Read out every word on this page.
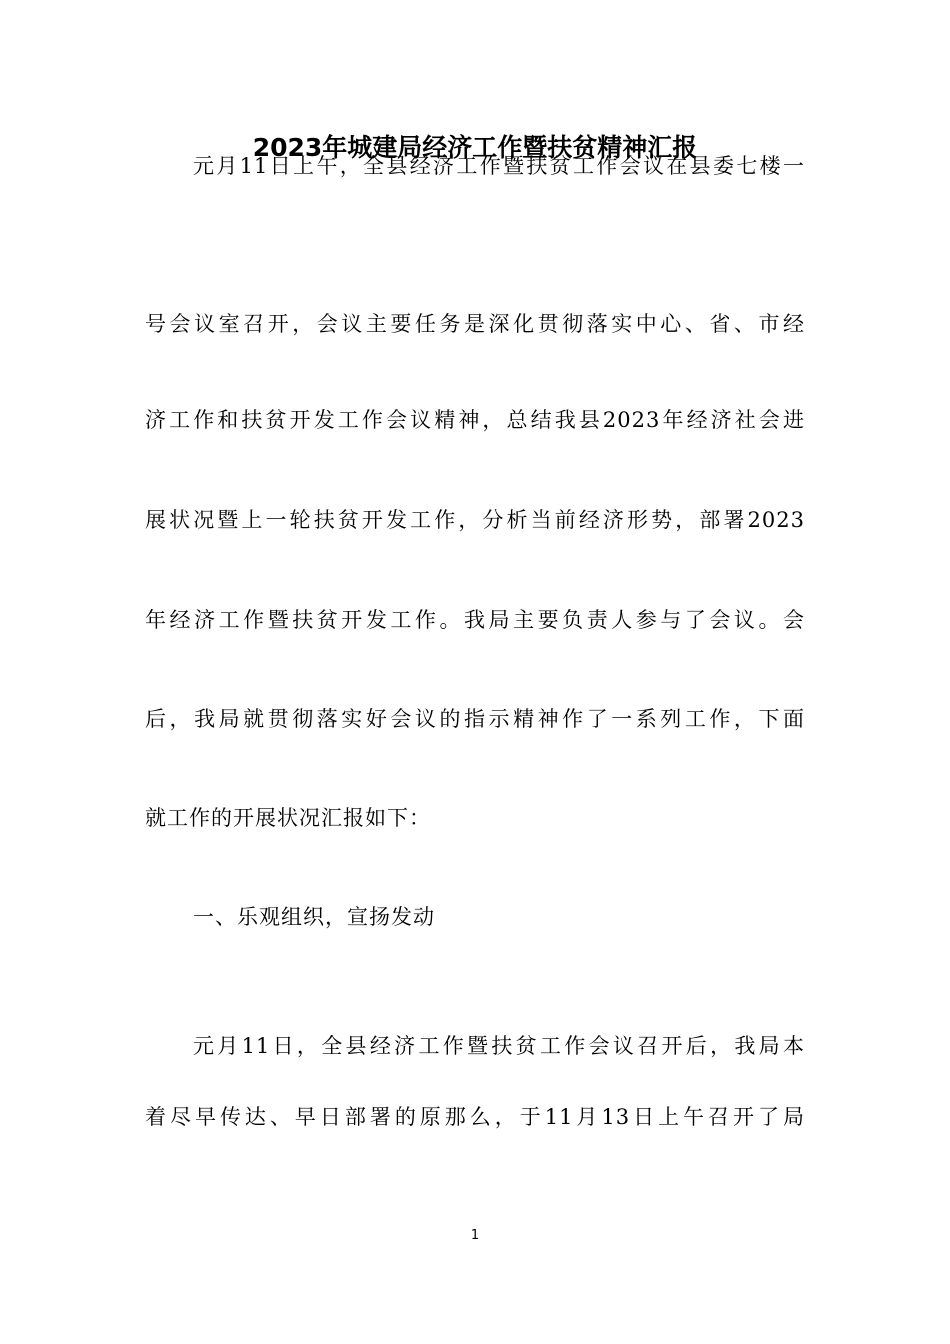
2023年城建局经济工作暨扶贫精神汇报
元月11日上午，全县经济工作暨扶贫工作会议在县委七楼一
号会议室召开，会议主要任务是深化贯彻落实中心、省、市经
济工作和扶贫开发工作会议精神，总结我县2023年经济社会进
展状况暨上一轮扶贫开发工作，分析当前经济形势，部署2023
年经济工作暨扶贫开发工作。我局主要负责人参与了会议。会
后，我局就贯彻落实好会议的指示精神作了一系列工作，下面
就工作的开展状况汇报如下：
一、乐观组织，宣扬发动
元月11日，全县经济工作暨扶贫工作会议召开后，我局本
着尽早传达、早日部署的原那么，于11月13日上午召开了局
1
